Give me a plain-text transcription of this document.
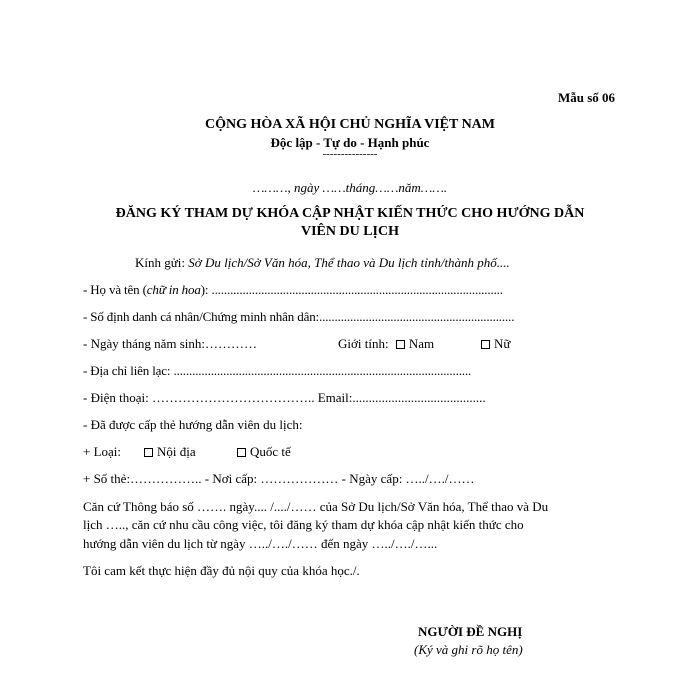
Mẫu số 06
CỘNG HÒA XÃ HỘI CHỦ NGHĨA VIỆT NAM
Độc lập - Tự do - Hạnh phúc
---------------
………, ngày ……tháng……năm…….
ĐĂNG KÝ THAM DỰ KHÓA CẬP NHẬT KIẾN THỨC CHO HƯỚNG DẪN
VIÊN DU LỊCH
Kính gửi: Sở Du lịch/Sở Văn hóa, Thể thao và Du lịch tỉnh/thành phố....
- Họ và tên (chữ in hoa): ..............................................................................................
- Số định danh cá nhân/Chứng minh nhân dân:...............................................................
- Ngày tháng năm sinh:…………	Giới tính: Nam	Nữ
- Địa chỉ liên lạc: ................................................................................................
- Điện thoại: ……………………………….. Email:.........................................
- Đã được cấp thẻ hướng dẫn viên du lịch:
+ Loại:	Nội địa	Quốc tế
+ Số thẻ:…………….. - Nơi cấp: ……………… - Ngày cấp: …../…./……
Căn cứ Thông báo số ……. ngày.... /..../…… của Sở Du lịch/Sở Văn hóa, Thể thao và Du
lịch ….., căn cứ nhu cầu công việc, tôi đăng ký tham dự khóa cập nhật kiến thức cho
hướng dẫn viên du lịch từ ngày …../…./…… đến ngày …../…./…...
Tôi cam kết thực hiện đầy đủ nội quy của khóa học./.
NGƯỜI ĐỀ NGHỊ
(Ký và ghi rõ họ tên)
